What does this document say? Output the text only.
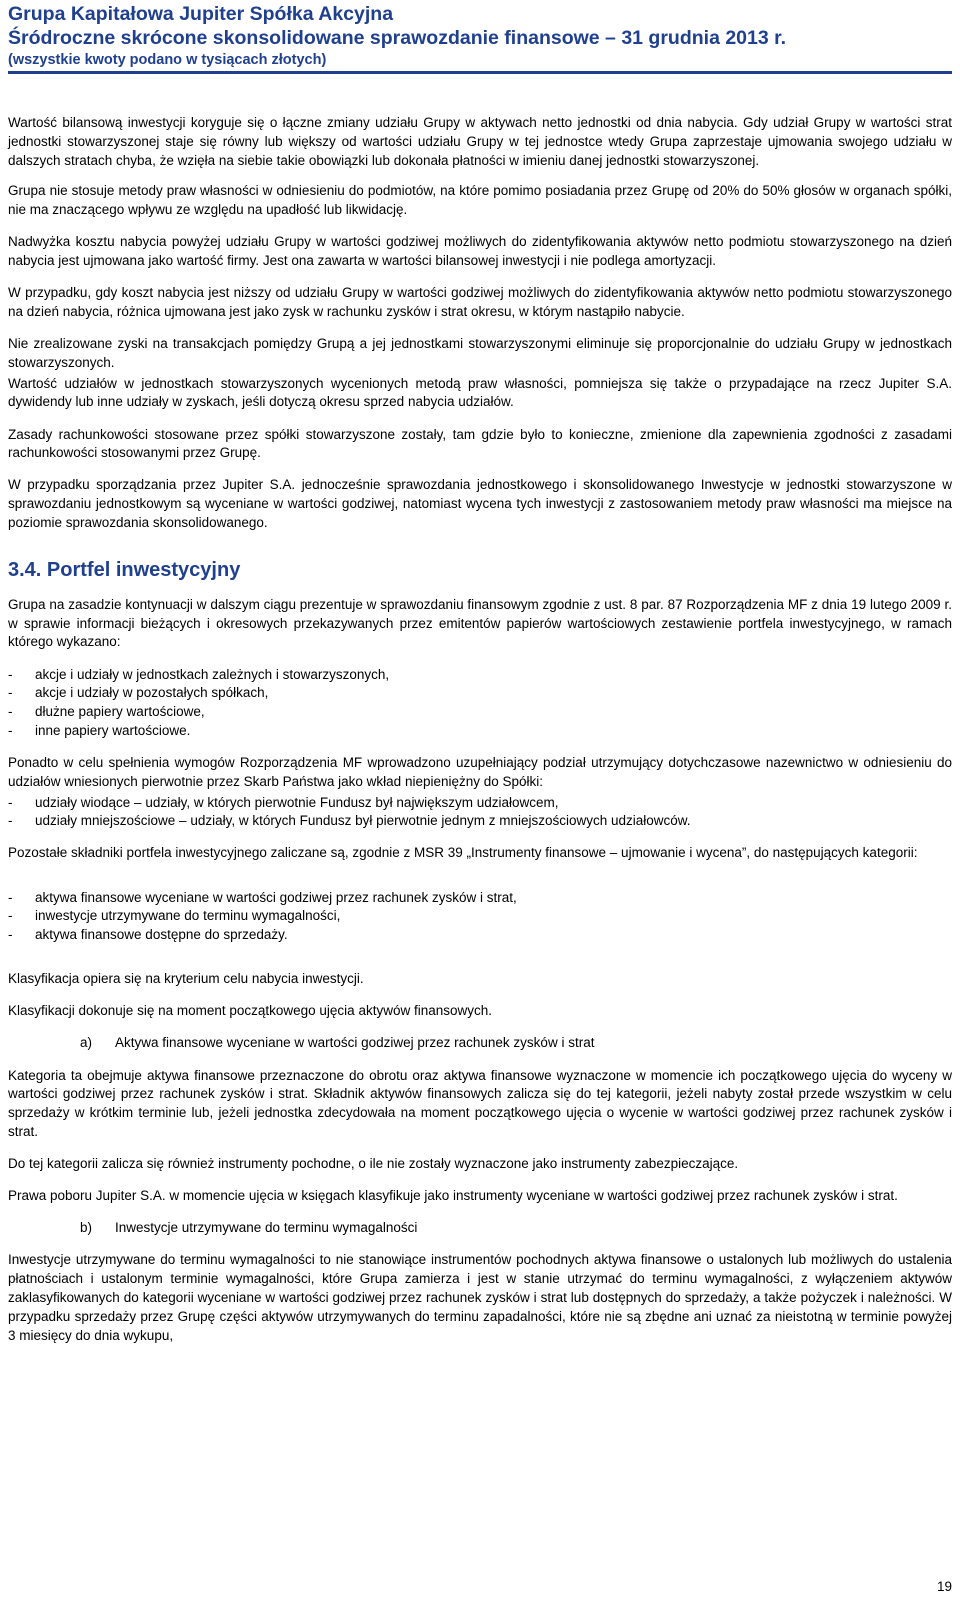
Grupa Kapitałowa Jupiter Spółka Akcyjna
Śródroczne skrócone skonsolidowane sprawozdanie finansowe – 31 grudnia 2013 r.
(wszystkie kwoty podano w tysiącach złotych)

Wartość bilansową inwestycji koryguje się o łączne zmiany udziału Grupy w aktywach netto jednostki od dnia nabycia. Gdy udział Grupy w wartości strat jednostki stowarzyszonej staje się równy lub większy od wartości udziału Grupy w tej jednostce wtedy Grupa zaprzestaje ujmowania swojego udziału w dalszych stratach chyba, że wzięła na siebie takie obowiązki lub dokonała płatności w imieniu danej jednostki stowarzyszonej.

Grupa nie stosuje metody praw własności w odniesieniu do podmiotów, na które pomimo posiadania przez Grupę od 20% do 50% głosów w organach spółki, nie ma znaczącego wpływu ze względu na upadłość lub likwidację.

Nadwyżka kosztu nabycia powyżej udziału Grupy w wartości godziwej możliwych do zidentyfikowania aktywów netto podmiotu stowarzyszonego na dzień nabycia jest ujmowana jako wartość firmy. Jest ona zawarta w wartości bilansowej inwestycji i nie podlega amortyzacji.

W przypadku, gdy koszt nabycia jest niższy od udziału Grupy w wartości godziwej możliwych do zidentyfikowania aktywów netto podmiotu stowarzyszonego na dzień nabycia, różnica ujmowana jest jako zysk w rachunku zysków i strat okresu, w którym nastąpiło nabycie.

Nie zrealizowane zyski na transakcjach pomiędzy Grupą a jej jednostkami stowarzyszonymi eliminuje się proporcjonalnie do udziału Grupy w jednostkach stowarzyszonych.

Wartość udziałów w jednostkach stowarzyszonych wycenionych metodą praw własności, pomniejsza się także o przypadające na rzecz Jupiter S.A. dywidendy lub inne udziały w zyskach, jeśli dotyczą okresu sprzed nabycia udziałów.

Zasady rachunkowości stosowane przez spółki stowarzyszone zostały, tam gdzie było to konieczne, zmienione dla zapewnienia zgodności z zasadami rachunkowości stosowanymi przez Grupę.

W przypadku sporządzania przez Jupiter S.A. jednocześnie sprawozdania jednostkowego i skonsolidowanego Inwestycje w jednostki stowarzyszone w sprawozdaniu jednostkowym są wyceniane w wartości godziwej, natomiast wycena tych inwestycji z zastosowaniem metody praw własności ma miejsce na poziomie sprawozdania skonsolidowanego.

3.4. Portfel inwestycyjny

Grupa na zasadzie kontynuacji w dalszym ciągu prezentuje w sprawozdaniu finansowym zgodnie z ust. 8 par. 87 Rozporządzenia MF z dnia 19 lutego 2009 r. w sprawie informacji bieżących i okresowych przekazywanych przez emitentów papierów wartościowych zestawienie portfela inwestycyjnego, w ramach którego wykazano:

- akcje i udziały w jednostkach zależnych i stowarzyszonych,
- akcje i udziały w pozostałych spółkach,
- dłużne papiery wartościowe,
- inne papiery wartościowe.

Ponadto w celu spełnienia wymogów Rozporządzenia MF wprowadzono uzupełniający podział utrzymujący dotychczasowe nazewnictwo w odniesieniu do udziałów wniesionych pierwotnie przez Skarb Państwa jako wkład niepieniężny do Spółki:

- udziały wiodące – udziały, w których pierwotnie Fundusz był największym udziałowcem,
- udziały mniejszościowe – udziały, w których Fundusz był pierwotnie jednym z mniejszościowych udziałowców.

Pozostałe składniki portfela inwestycyjnego zaliczane są, zgodnie z MSR 39 „Instrumenty finansowe – ujmowanie i wycena”, do następujących kategorii:

- aktywa finansowe wyceniane w wartości godziwej przez rachunek zysków i strat,
- inwestycje utrzymywane do terminu wymagalności,
- aktywa finansowe dostępne do sprzedaży.

Klasyfikacja opiera się na kryterium celu nabycia inwestycji.

Klasyfikacji dokonuje się na moment początkowego ujęcia aktywów finansowych.

a)	Aktywa finansowe wyceniane w wartości godziwej przez rachunek zysków i strat

Kategoria ta obejmuje aktywa finansowe przeznaczone do obrotu oraz aktywa finansowe wyznaczone w momencie ich początkowego ujęcia do wyceny w wartości godziwej przez rachunek zysków i strat. Składnik aktywów finansowych zalicza się do tej kategorii, jeżeli nabyty został przede wszystkim w celu sprzedaży w krótkim terminie lub, jeżeli jednostka zdecydowała na moment początkowego ujęcia o wycenie w wartości godziwej przez rachunek zysków i strat.

Do tej kategorii zalicza się również instrumenty pochodne, o ile nie zostały wyznaczone jako instrumenty zabezpieczające.

Prawa poboru Jupiter S.A. w momencie ujęcia w księgach klasyfikuje jako instrumenty wyceniane w wartości godziwej przez rachunek zysków i strat.

b)	Inwestycje utrzymywane do terminu wymagalności

Inwestycje utrzymywane do terminu wymagalności to nie stanowiące instrumentów pochodnych aktywa finansowe o ustalonych lub możliwych do ustalenia płatnościach i ustalonym terminie wymagalności, które Grupa zamierza i jest w stanie utrzymać do terminu wymagalności, z wyłączeniem aktywów zaklasyfikowanych do kategorii wyceniane w wartości godziwej przez rachunek zysków i strat lub dostępnych do sprzedaży, a także pożyczek i należności. W przypadku sprzedaży przez Grupę części aktywów utrzymywanych do terminu zapadalności, które nie są zbędne ani uznać za nieistotną w terminie powyżej 3 miesięcy do dnia wykupu,

19
